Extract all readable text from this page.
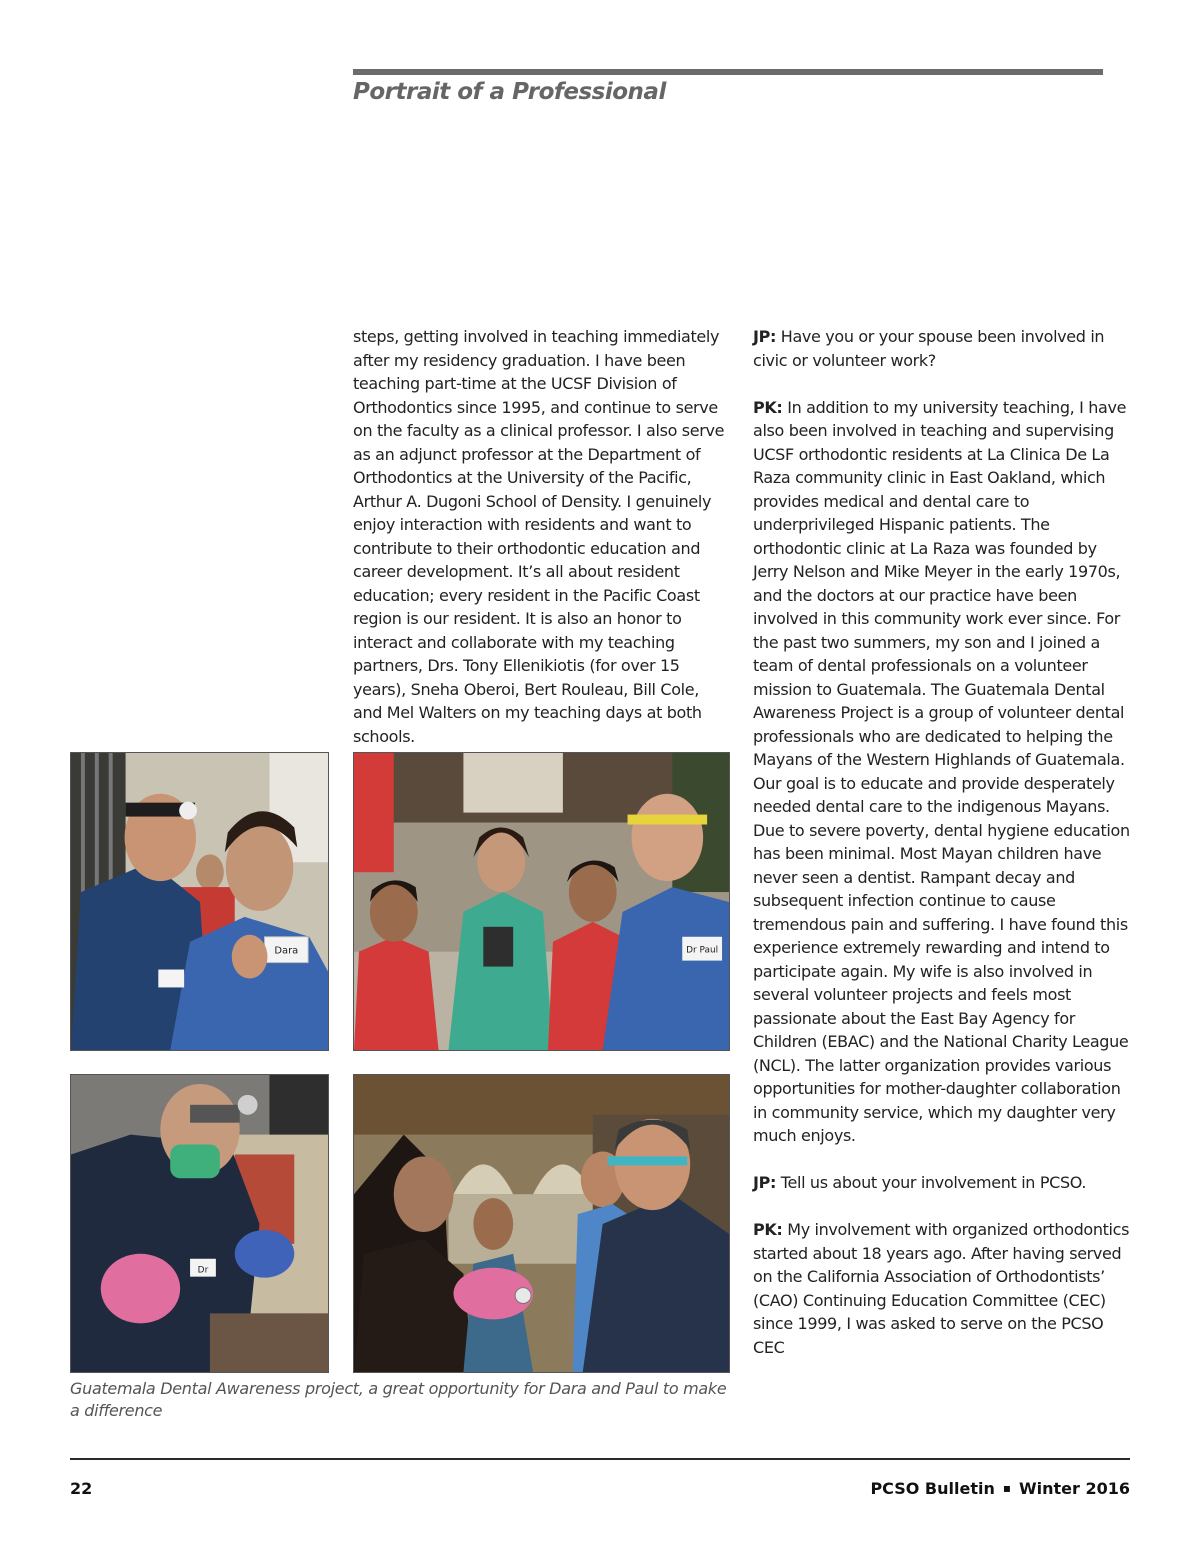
Portrait of a Professional

steps, getting involved in teaching immediately after my residency graduation. I have been teaching part-time at the UCSF Division of Orthodontics since 1995, and continue to serve on the faculty as a clinical professor. I also serve as an adjunct professor at the Department of Orthodontics at the University of the Pacific, Arthur A. Dugoni School of Density. I genuinely enjoy interaction with residents and want to contribute to their orthodontic education and career development. It’s all about resident education; every resident in the Pacific Coast region is our resident. It is also an honor to interact and collaborate with my teaching partners, Drs. Tony Ellenikiotis (for over 15 years), Sneha Oberoi, Bert Rouleau, Bill Cole, and Mel Walters on my teaching days at both schools.

JP: Have you or your spouse been involved in civic or volunteer work?

PK: In addition to my university teaching, I have also been involved in teaching and supervising UCSF orthodontic residents at La Clinica De La Raza community clinic in East Oakland, which provides medical and dental care to underprivileged Hispanic patients. The orthodontic clinic at La Raza was founded by Jerry Nelson and Mike Meyer in the early 1970s, and the doctors at our practice have been involved in this community work ever since. For the past two summers, my son and I joined a team of dental professionals on a volunteer mission to Guatemala. The Guatemala Dental Awareness Project is a group of volunteer dental professionals who are dedicated to helping the Mayans of the Western Highlands of Guatemala. Our goal is to educate and provide desperately needed dental care to the indigenous Mayans. Due to severe poverty, dental hygiene education has been minimal. Most Mayan children have never seen a dentist. Rampant decay and subsequent infection continue to cause tremendous pain and suffering. I have found this experience extremely rewarding and intend to participate again. My wife is also involved in several volunteer projects and feels most passionate about the East Bay Agency for Children (EBAC) and the National Charity League (NCL). The latter organization provides various opportunities for mother-daughter collaboration in community service, which my daughter very much enjoys.

JP: Tell us about your involvement in PCSO.

PK: My involvement with organized orthodontics started about 18 years ago. After having served on the California Association of Orthodontists’ (CAO) Continuing Education Committee (CEC) since 1999, I was asked to serve on the PCSO CEC

Dara	Dr Paul
Dr
Guatemala Dental Awareness project, a great opportunity for Dara and Paul to make a difference
22	PCSO Bulletin ▪ Winter 2016
